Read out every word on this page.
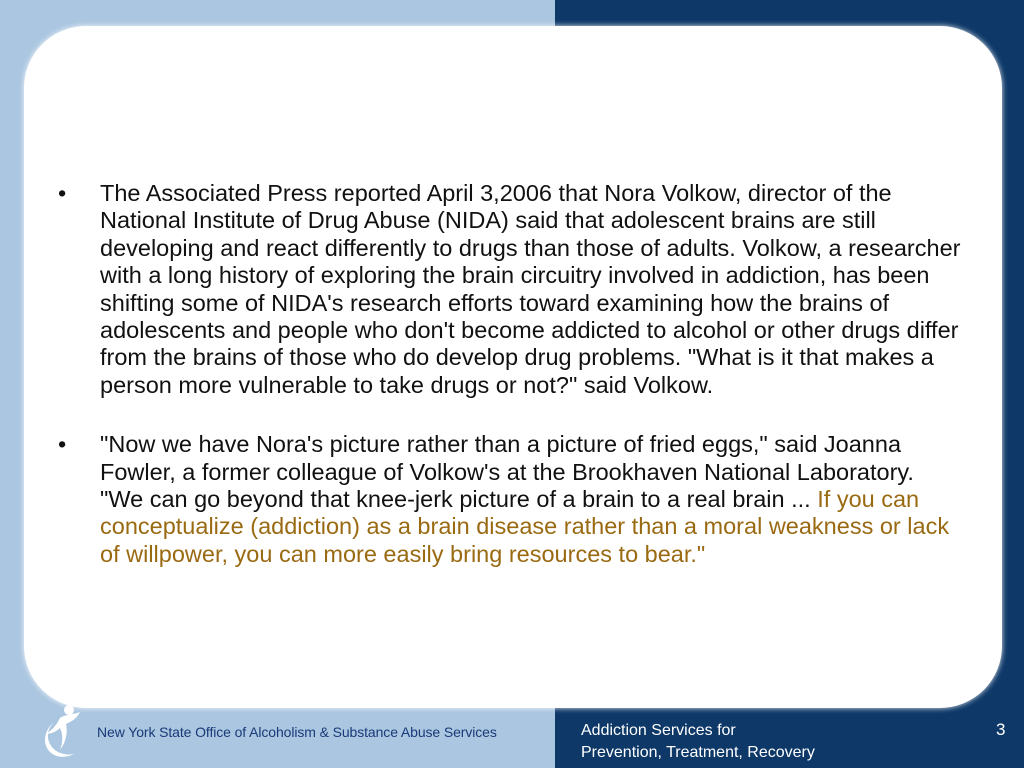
•	The Associated Press reported April 3,2006 that Nora Volkow, director of the National Institute of Drug Abuse (NIDA) said that adolescent brains are still developing and react differently to drugs than those of adults. Volkow, a researcher with a long history of exploring the brain circuitry involved in addiction, has been shifting some of NIDA's research efforts toward examining how the brains of adolescents and people who don't become addicted to alcohol or other drugs differ from the brains of those who do develop drug problems. "What is it that makes a person more vulnerable to take drugs or not?" said Volkow.
•	"Now we have Nora's picture rather than a picture of fried eggs," said Joanna Fowler, a former colleague of Volkow's at the Brookhaven National Laboratory. "We can go beyond that knee-jerk picture of a brain to a real brain ... If you can conceptualize (addiction) as a brain disease rather than a moral weakness or lack of willpower, you can more easily bring resources to bear."
New York State Office of Alcoholism & Substance Abuse Services	Addiction Services for
Prevention, Treatment, Recovery
3
